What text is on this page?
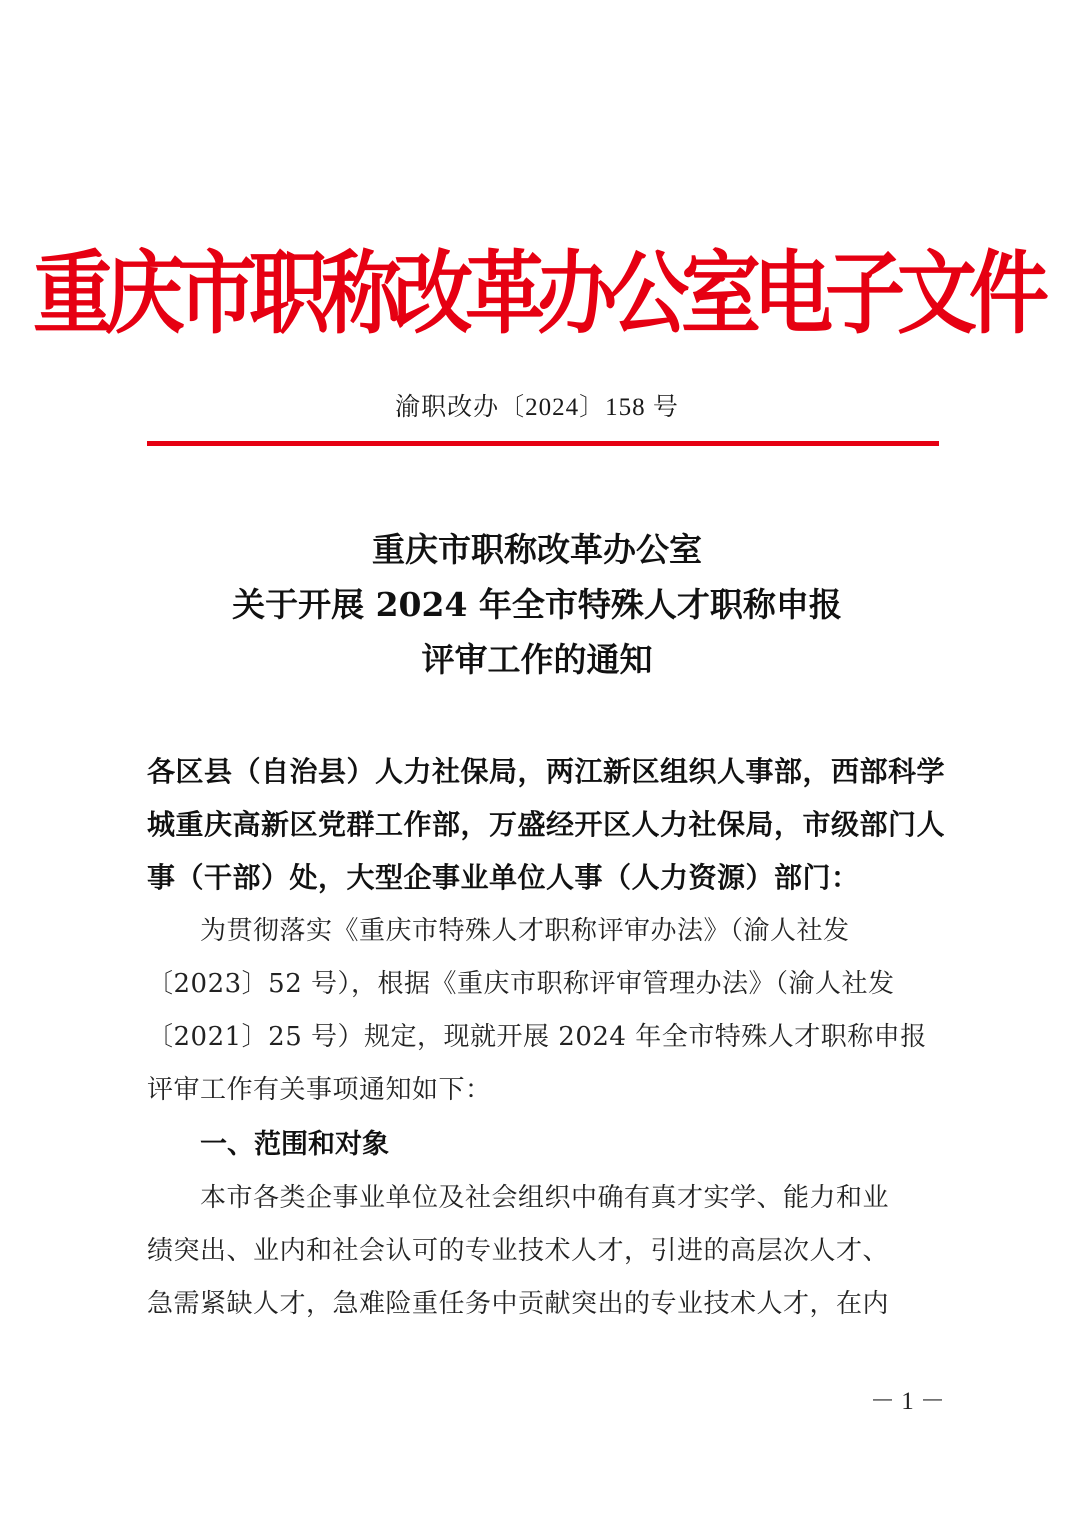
重庆市职称改革办公室电子文件
渝职改办〔2024〕158 号
重庆市职称改革办公室
关于开展 2024 年全市特殊人才职称申报
评审工作的通知
各区县（自治县）人力社保局，两江新区组织人事部，西部科学
城重庆高新区党群工作部，万盛经开区人力社保局，市级部门人
事（干部）处，大型企事业单位人事（人力资源）部门：
为贯彻落实《重庆市特殊人才职称评审办法》（渝人社发
〔2023〕52 号），根据《重庆市职称评审管理办法》（渝人社发
〔2021〕25 号）规定，现就开展 2024 年全市特殊人才职称申报
评审工作有关事项通知如下：
一、范围和对象
本市各类企事业单位及社会组织中确有真才实学、能力和业
绩突出、业内和社会认可的专业技术人才，引进的高层次人才、
急需紧缺人才，急难险重任务中贡献突出的专业技术人才，在内
－ 1 －
